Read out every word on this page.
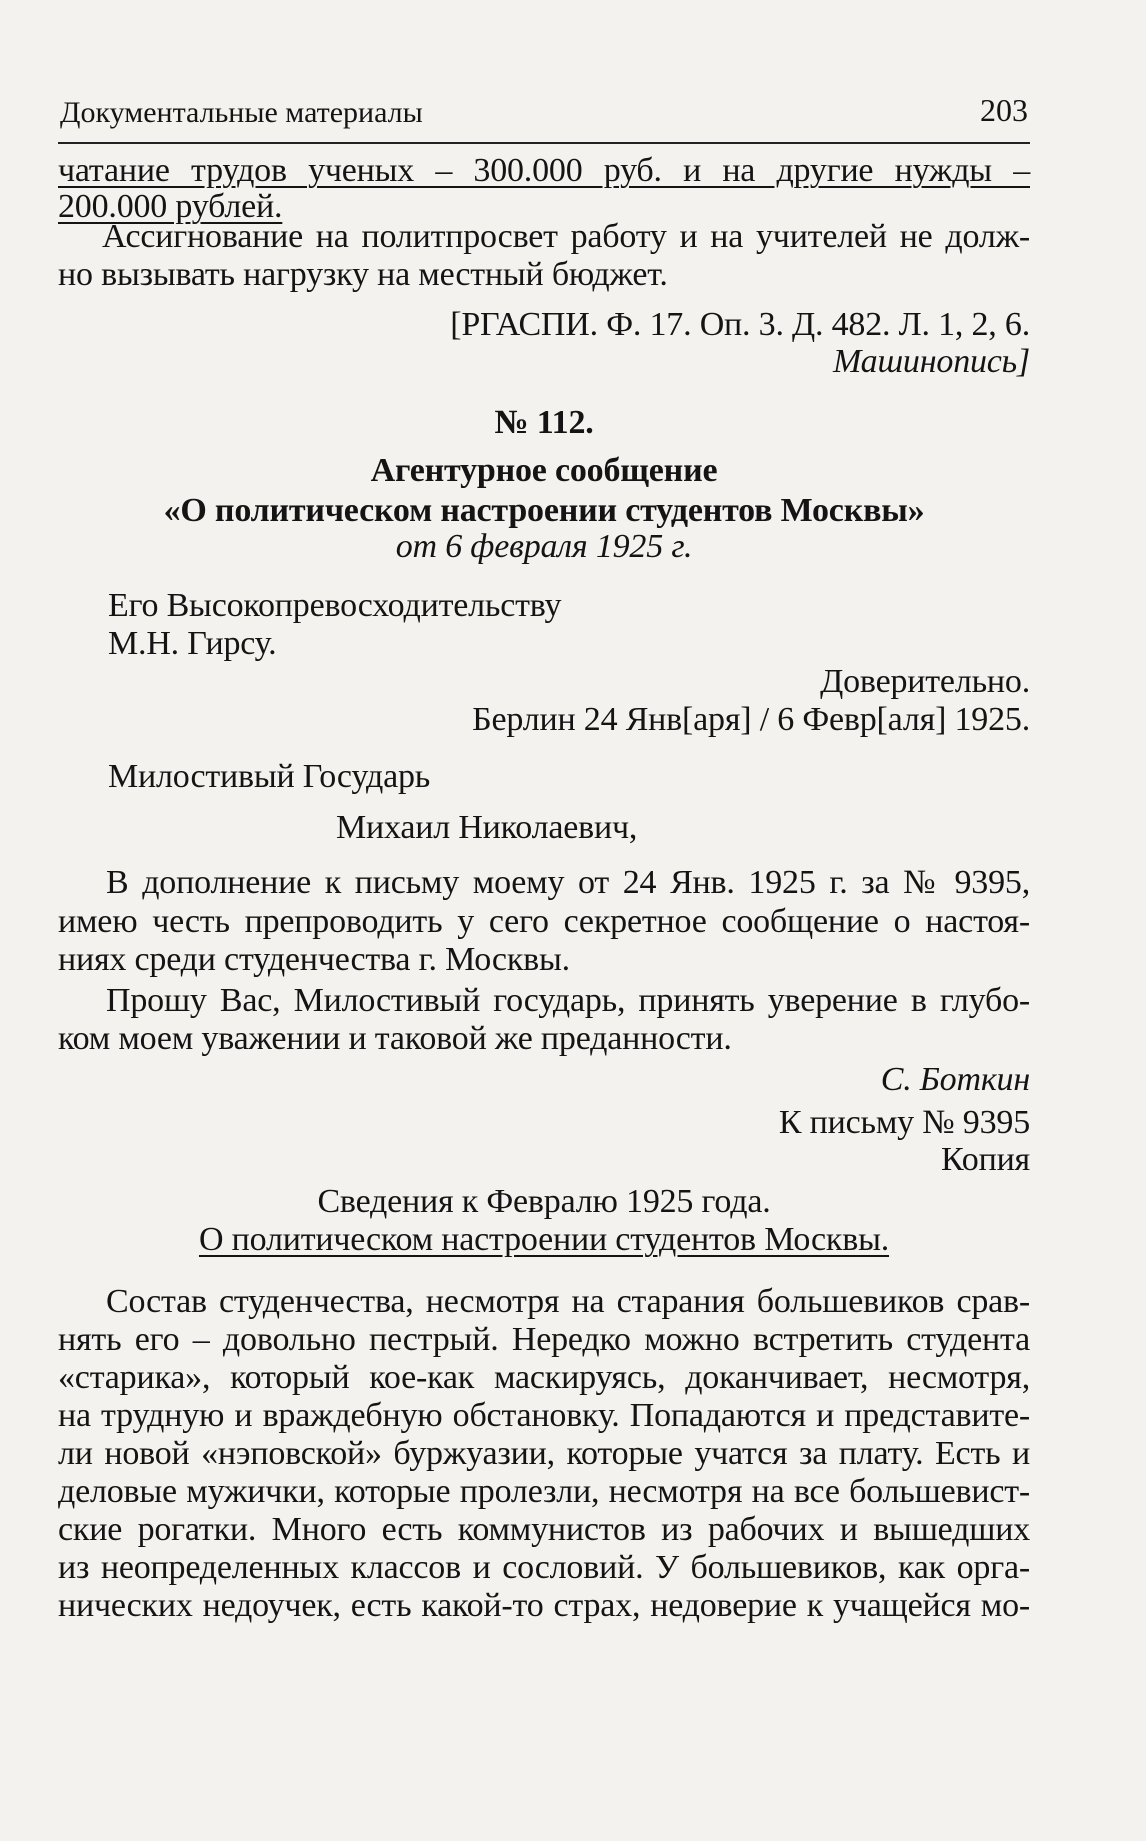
Документальные материалы	203
чатание трудов ученых – 300.000 руб. и на другие нужды –
200.000 рублей.
Ассигнование на политпросвет работу и на учителей не долж-
но вызывать нагрузку на местный бюджет.
[РГАСПИ. Ф. 17. Оп. 3. Д. 482. Л. 1, 2, 6.
Машинопись]
№ 112.
Агентурное сообщение
«О политическом настроении студентов Москвы»
от 6 февраля 1925 г.
Его Высокопревосходительству
М.Н. Гирсу.
Доверительно.
Берлин 24 Янв[аря] / 6 Февр[аля] 1925.
Милостивый Государь
Михаил Николаевич,
В дополнение к письму моему от 24 Янв. 1925 г. за № 9395,
имею честь препроводить у сего секретное сообщение о настоя-
ниях среди студенчества г. Москвы.
Прошу Вас, Милостивый государь, принять уверение в глубо-
ком моем уважении и таковой же преданности.
С. Боткин
К письму № 9395
Копия
Сведения к Февралю 1925 года.
О политическом настроении студентов Москвы.
Состав студенчества, несмотря на старания большевиков срав-
нять его – довольно пестрый. Нередко можно встретить студента
«старика», который кое-как маскируясь, доканчивает, несмотря,
на трудную и враждебную обстановку. Попадаются и представите-
ли новой «нэповской» буржуазии, которые учатся за плату. Есть и
деловые мужички, которые пролезли, несмотря на все большевист-
ские рогатки. Много есть коммунистов из рабочих и вышедших
из неопределенных классов и сословий. У большевиков, как орга-
нических недоучек, есть какой-то страх, недоверие к учащейся мо-
